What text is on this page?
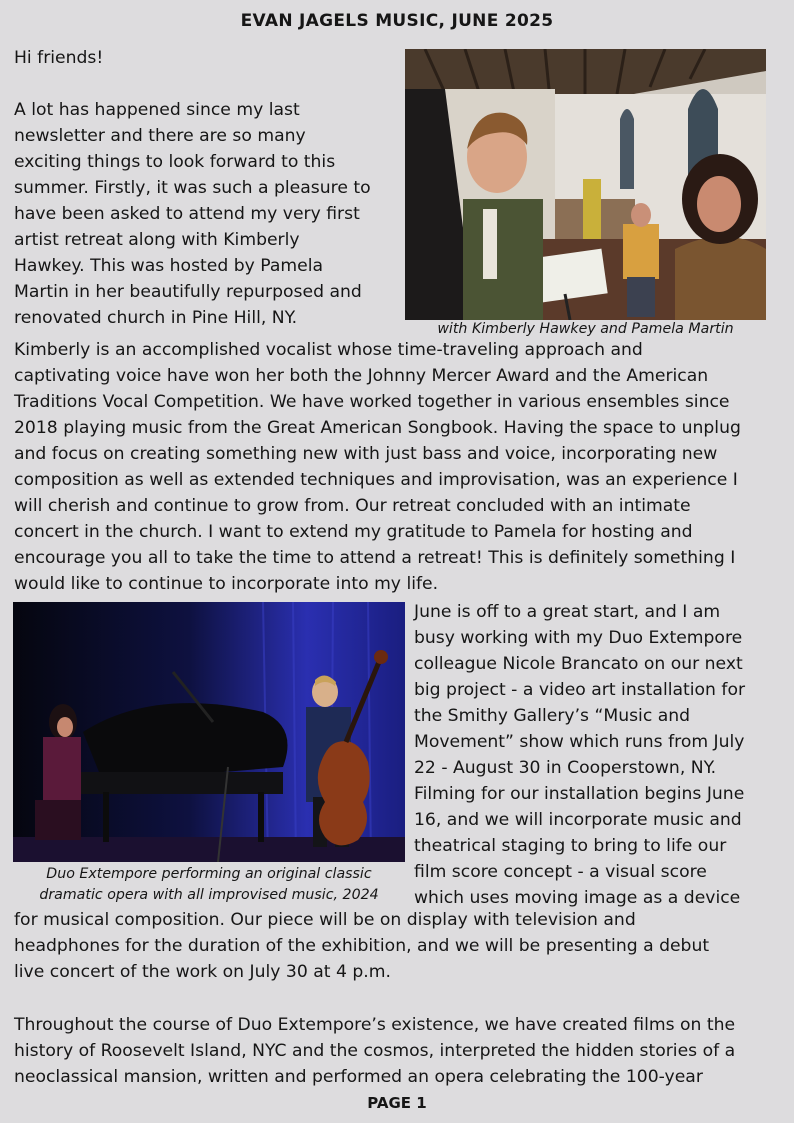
EVAN JAGELS MUSIC, JUNE 2025
Hi friends!
A lot has happened since my last
newsletter and there are so many
exciting things to look forward to this
summer. Firstly, it was such a pleasure to
have been asked to attend my very first
artist retreat along with Kimberly
Hawkey. This was hosted by Pamela
Martin in her beautifully repurposed and
renovated church in Pine Hill, NY.
with Kimberly Hawkey and Pamela Martin
Kimberly is an accomplished vocalist whose time-traveling approach and
captivating voice have won her both the Johnny Mercer Award and the American
Traditions Vocal Competition. We have worked together in various ensembles since
2018 playing music from the Great American Songbook. Having the space to unplug
and focus on creating something new with just bass and voice, incorporating new
composition as well as extended techniques and improvisation, was an experience I
will cherish and continue to grow from. Our retreat concluded with an intimate
concert in the church. I want to extend my gratitude to Pamela for hosting and
encourage you all to take the time to attend a retreat! This is definitely something I
would like to continue to incorporate into my life.
Duo Extempore performing an original classic
dramatic opera with all improvised music, 2024
June is off to a great start, and I am
busy working with my Duo Extempore
colleague Nicole Brancato on our next
big project - a video art installation for
the Smithy Gallery’s “Music and
Movement” show which runs from July
22 - August 30 in Cooperstown, NY.
Filming for our installation begins June
16, and we will incorporate music and
theatrical staging to bring to life our
film score concept - a visual score
which uses moving image as a device
for musical composition. Our piece will be on display with television and
headphones for the duration of the exhibition, and we will be presenting a debut
live concert of the work on July 30 at 4 p.m.
Throughout the course of Duo Extempore’s existence, we have created films on the
history of Roosevelt Island, NYC and the cosmos, interpreted the hidden stories of a
neoclassical mansion, written and performed an opera celebrating the 100-year
PAGE 1
